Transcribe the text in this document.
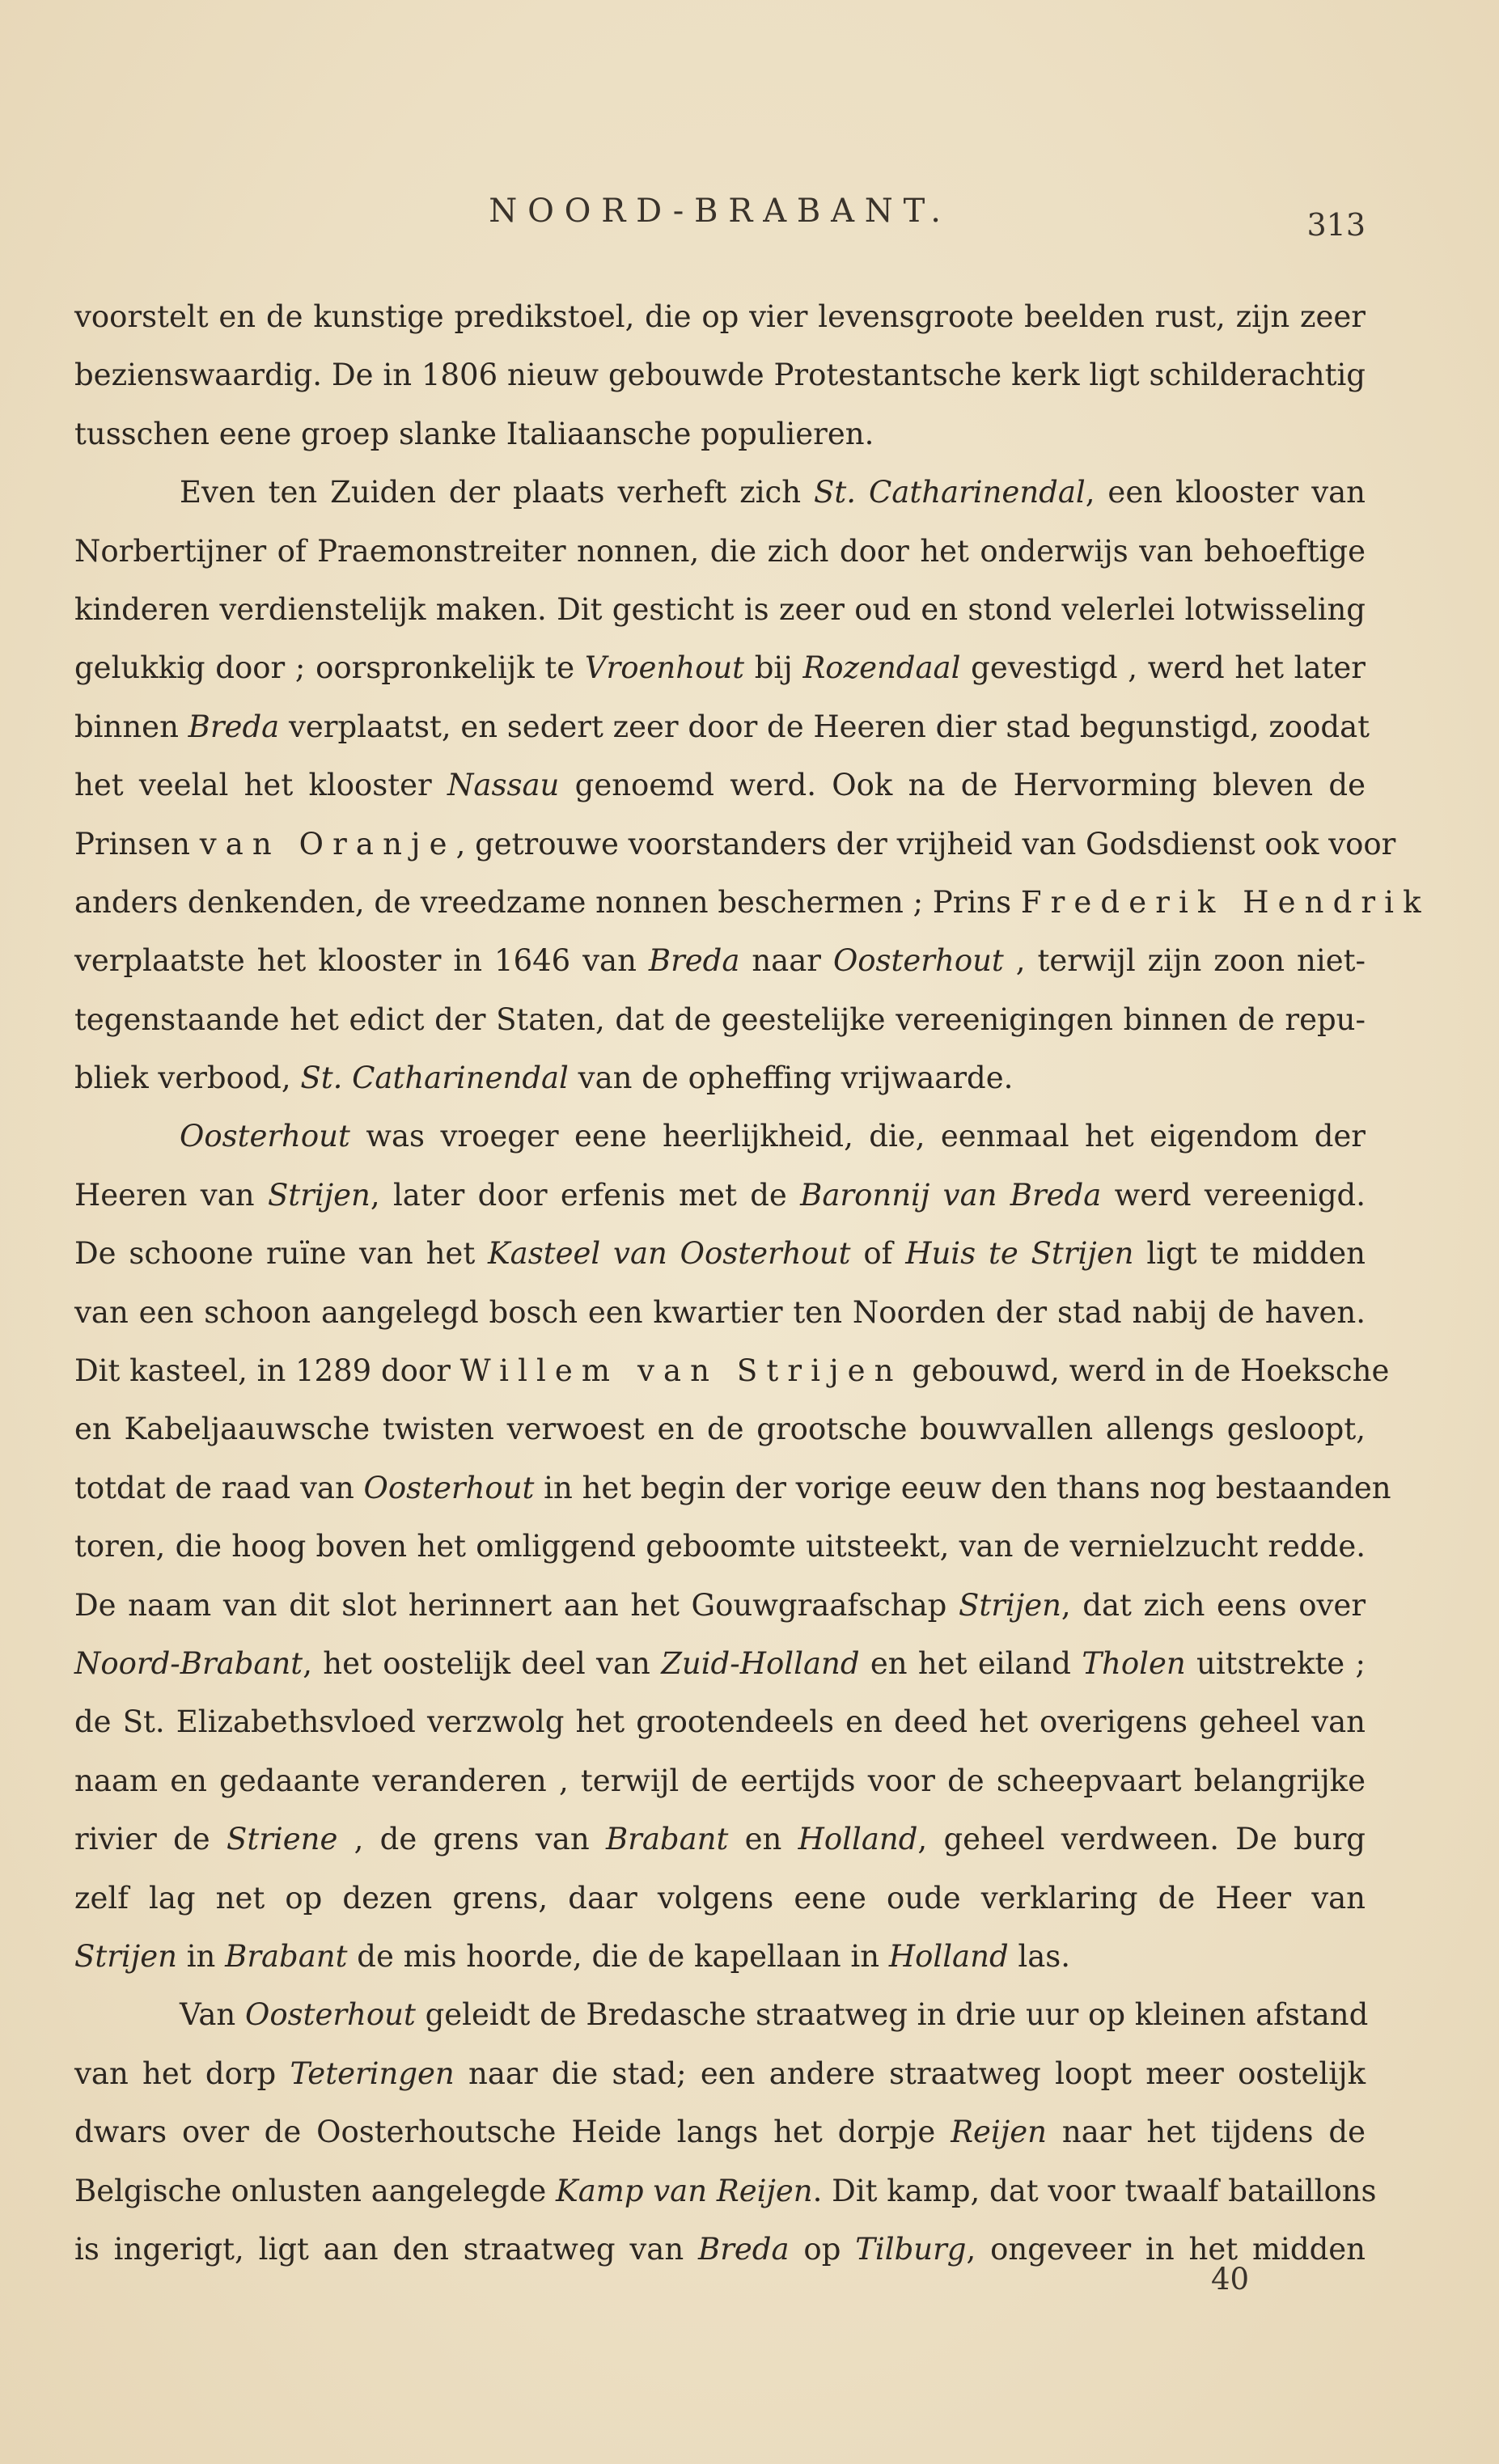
NOORD-BRABANT.	313
voorstelt en de kunstige predikstoel, die op vier levensgroote beelden rust, zijn zeer
bezienswaardig. De in 1806 nieuw gebouwde Protestantsche kerk ligt schilderachtig
tusschen eene groep slanke Italiaansche populieren.
Even ten Zuiden der plaats verheft zich St. Catharinendal, een klooster van
Norbertijner of Praemonstreiter nonnen, die zich door het onderwijs van behoeftige
kinderen verdienstelijk maken. Dit gesticht is zeer oud en stond velerlei lotwisseling
gelukkig door ; oorspronkelijk te Vroenhout bij Rozendaal gevestigd , werd het later
binnen Breda verplaatst, en sedert zeer door de Heeren dier stad begunstigd, zoodat
het veelal het klooster Nassau genoemd werd. Ook na de Hervorming bleven de
Prinsen van Oranje, getrouwe voorstanders der vrijheid van Godsdienst ook voor
anders denkenden, de vreedzame nonnen beschermen ; Prins Frederik Hendrik
verplaatste het klooster in 1646 van Breda naar Oosterhout , terwijl zijn zoon niet-
tegenstaande het edict der Staten, dat de geestelijke vereenigingen binnen de repu-
bliek verbood, St. Catharinendal van de opheffing vrijwaarde.
Oosterhout was vroeger eene heerlijkheid, die, eenmaal het eigendom der
Heeren van Strijen, later door erfenis met de Baronnij van Breda werd vereenigd.
De schoone ruïne van het Kasteel van Oosterhout of Huis te Strijen ligt te midden
van een schoon aangelegd bosch een kwartier ten Noorden der stad nabij de haven.
Dit kasteel, in 1289 door Willem van Strijen gebouwd, werd in de Hoeksche
en Kabeljaauwsche twisten verwoest en de grootsche bouwvallen allengs gesloopt,
totdat de raad van Oosterhout in het begin der vorige eeuw den thans nog bestaanden
toren, die hoog boven het omliggend geboomte uitsteekt, van de vernielzucht redde.
De naam van dit slot herinnert aan het Gouwgraafschap Strijen, dat zich eens over
Noord-Brabant, het oostelijk deel van Zuid-Holland en het eiland Tholen uitstrekte ;
de St. Elizabethsvloed verzwolg het grootendeels en deed het overigens geheel van
naam en gedaante veranderen , terwijl de eertijds voor de scheepvaart belangrijke
rivier de Striene , de grens van Brabant en Holland, geheel verdween. De burg
zelf lag net op dezen grens, daar volgens eene oude verklaring de Heer van
Strijen in Brabant de mis hoorde, die de kapellaan in Holland las.
Van Oosterhout geleidt de Bredasche straatweg in drie uur op kleinen afstand
van het dorp Teteringen naar die stad; een andere straatweg loopt meer oostelijk
dwars over de Oosterhoutsche Heide langs het dorpje Reijen naar het tijdens de
Belgische onlusten aangelegde Kamp van Reijen. Dit kamp, dat voor twaalf bataillons
is ingerigt, ligt aan den straatweg van Breda op Tilburg, ongeveer in het midden
40
